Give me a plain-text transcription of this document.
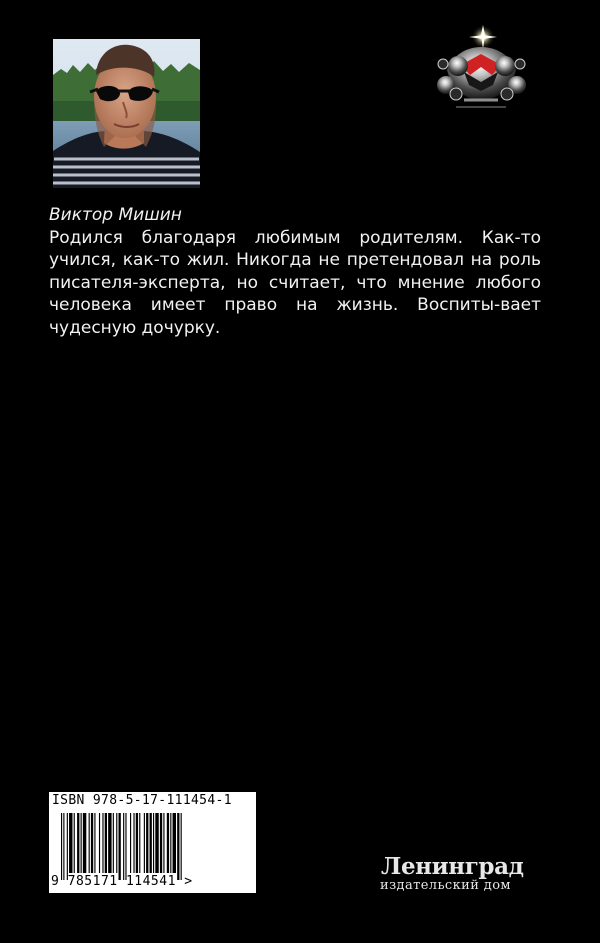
Виктор Мишин
Родился благодаря любимым родителям. Как-то учился, как-то жил. Никогда не претендовал на роль писателя-эксперта, но считает, что мнение любого человека имеет право на жизнь. Воспиты-вает чудесную дочурку.
ISBN 978-5-17-111454-1
9 785171 114541 >
Ленинград
издательский дом
